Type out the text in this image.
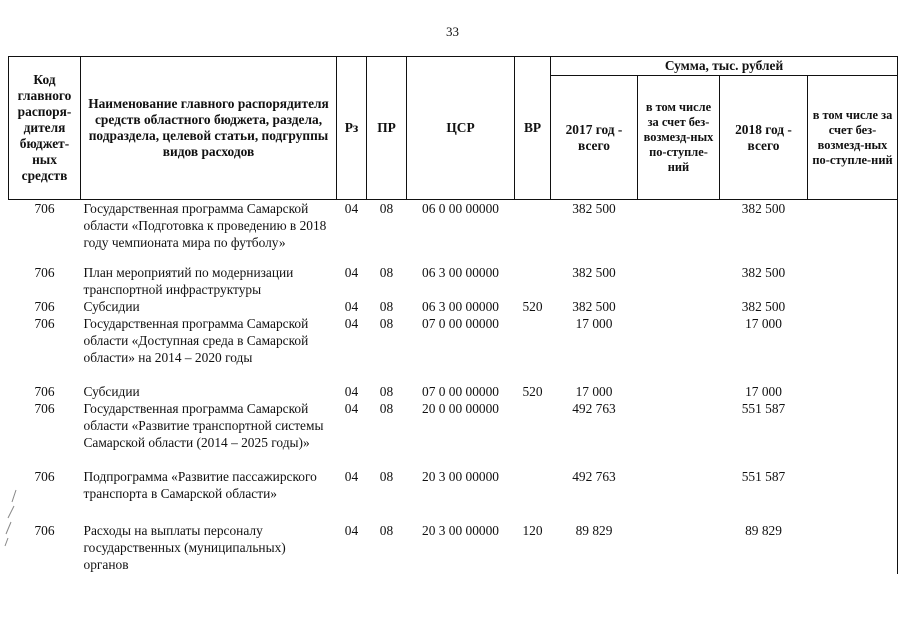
33
Код главного распоря-дителя бюджет-ных средств	Наименование главного распорядителя средств областного бюджета, раздела, подраздела, целевой статьи, подгруппы видов расходов	Рз	ПР	ЦСР	ВР	Сумма, тыс. рублей			
						2017 год - всего	в том числе за счет без-возмезд-ных по-ступле-ний	2018 год - всего	в том числе за счет без-возмезд-ных по-ступле-ний
706	Государственная программа Самарской области «Подготовка к проведению в 2018 году чемпионата мира по футболу»	04	08	06 0 00 00000		382 500		382 500	
706	План мероприятий по модернизации транспортной инфраструктуры	04	08	06 3 00 00000		382 500		382 500	
706	Субсидии	04	08	06 3 00 00000	520	382 500		382 500	
706	Государственная программа Самарской области «Доступная среда в Самарской области» на 2014 – 2020 годы	04	08	07 0 00 00000		17 000		17 000	
706	Субсидии	04	08	07 0 00 00000	520	17 000		17 000	
706	Государственная программа Самарской области «Развитие транспортной системы Самарской области (2014 – 2025 годы)»	04	08	20 0 00 00000		492 763		551 587	
706	Подпрограмма «Развитие пассажирского транспорта в Самарской области»	04	08	20 3 00 00000		492 763		551 587	
706	Расходы на выплаты персоналу государственных (муниципальных) органов	04	08	20 3 00 00000	120	89 829		89 829	
